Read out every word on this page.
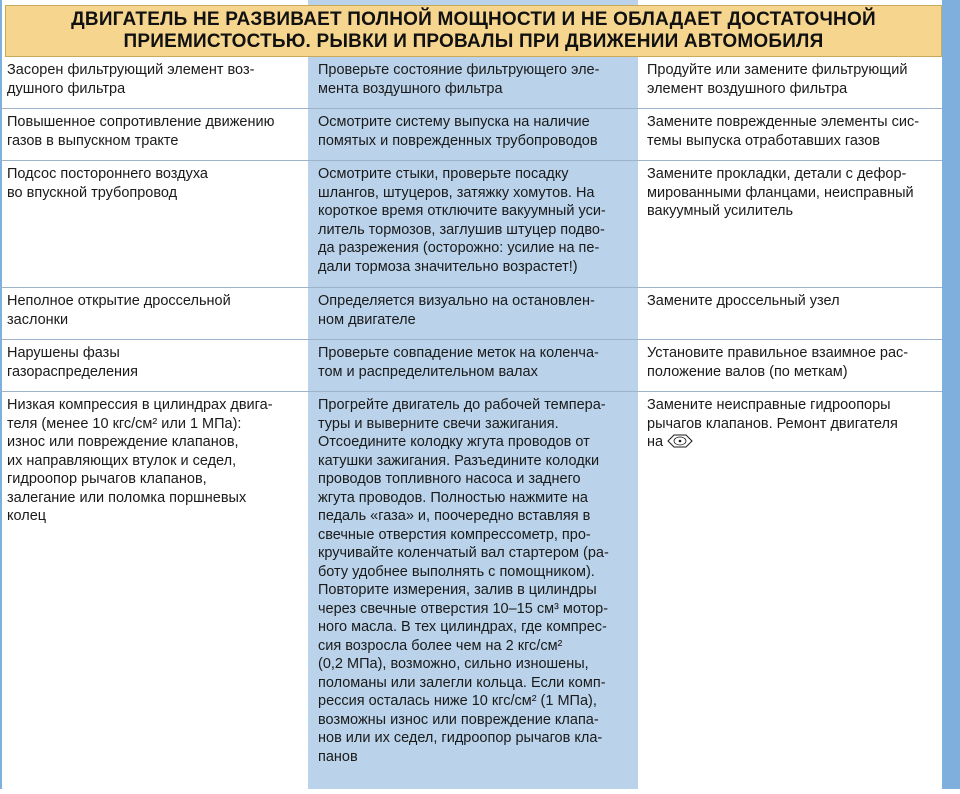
ДВИГАТЕЛЬ НЕ РАЗВИВАЕТ ПОЛНОЙ МОЩНОСТИ И НЕ ОБЛАДАЕТ ДОСТАТОЧНОЙ ПРИЕМИСТОСТЬЮ. РЫВКИ И ПРОВАЛЫ ПРИ ДВИЖЕНИИ АВТОМОБИЛЯ
Засорен фильтрующий элемент воз-
душного фильтра
Проверьте состояние фильтрующего эле-
мента воздушного фильтра
Продуйте или замените фильтрующий
элемент воздушного фильтра
Повышенное сопротивление движению
газов в выпускном тракте
Осмотрите систему выпуска на наличие
помятых и поврежденных трубопроводов
Замените поврежденные элементы сис-
темы выпуска отработавших газов
Подсос постороннего воздуха
во впускной трубопровод
Осмотрите стыки, проверьте посадку
шлангов, штуцеров, затяжку хомутов. На
короткое время отключите вакуумный уси-
литель тормозов, заглушив штуцер подво-
да разрежения (осторожно: усилие на пе-
дали тормоза значительно возрастет!)
Замените прокладки, детали с дефор-
мированными фланцами, неисправный
вакуумный усилитель
Неполное открытие дроссельной
заслонки
Определяется визуально на остановлен-
ном двигателе
Замените дроссельный узел
Нарушены фазы
газораспределения
Проверьте совпадение меток на коленча-
том и распределительном валах
Установите правильное взаимное рас-
положение валов (по меткам)
Низкая компрессия в цилиндрах двига-
теля (менее 10 кгс/см² или 1 МПа):
износ или повреждение клапанов,
их направляющих втулок и седел,
гидроопор рычагов клапанов,
залегание или поломка поршневых
колец
Прогрейте двигатель до рабочей темпера-
туры и выверните свечи зажигания.
Отсоедините колодку жгута проводов от
катушки зажигания. Разъедините колодки
проводов топливного насоса и заднего
жгута проводов. Полностью нажмите на
педаль «газа» и, поочередно вставляя в
свечные отверстия компрессометр, про-
кручивайте коленчатый вал стартером (ра-
боту удобнее выполнять с помощником).
Повторите измерения, залив в цилиндры
через свечные отверстия 10–15 см³ мотор-
ного масла. В тех цилиндрах, где компрес-
сия возросла более чем на 2 кгс/см²
(0,2 МПа), возможно, сильно изношены,
поломаны или залегли кольца. Если комп-
рессия осталась ниже 10 кгс/см² (1 МПа),
возможны износ или повреждение клапа-
нов или их седел, гидроопор рычагов кла-
панов
Замените неисправные гидроопоры
рычагов клапанов. Ремонт двигателя
на
